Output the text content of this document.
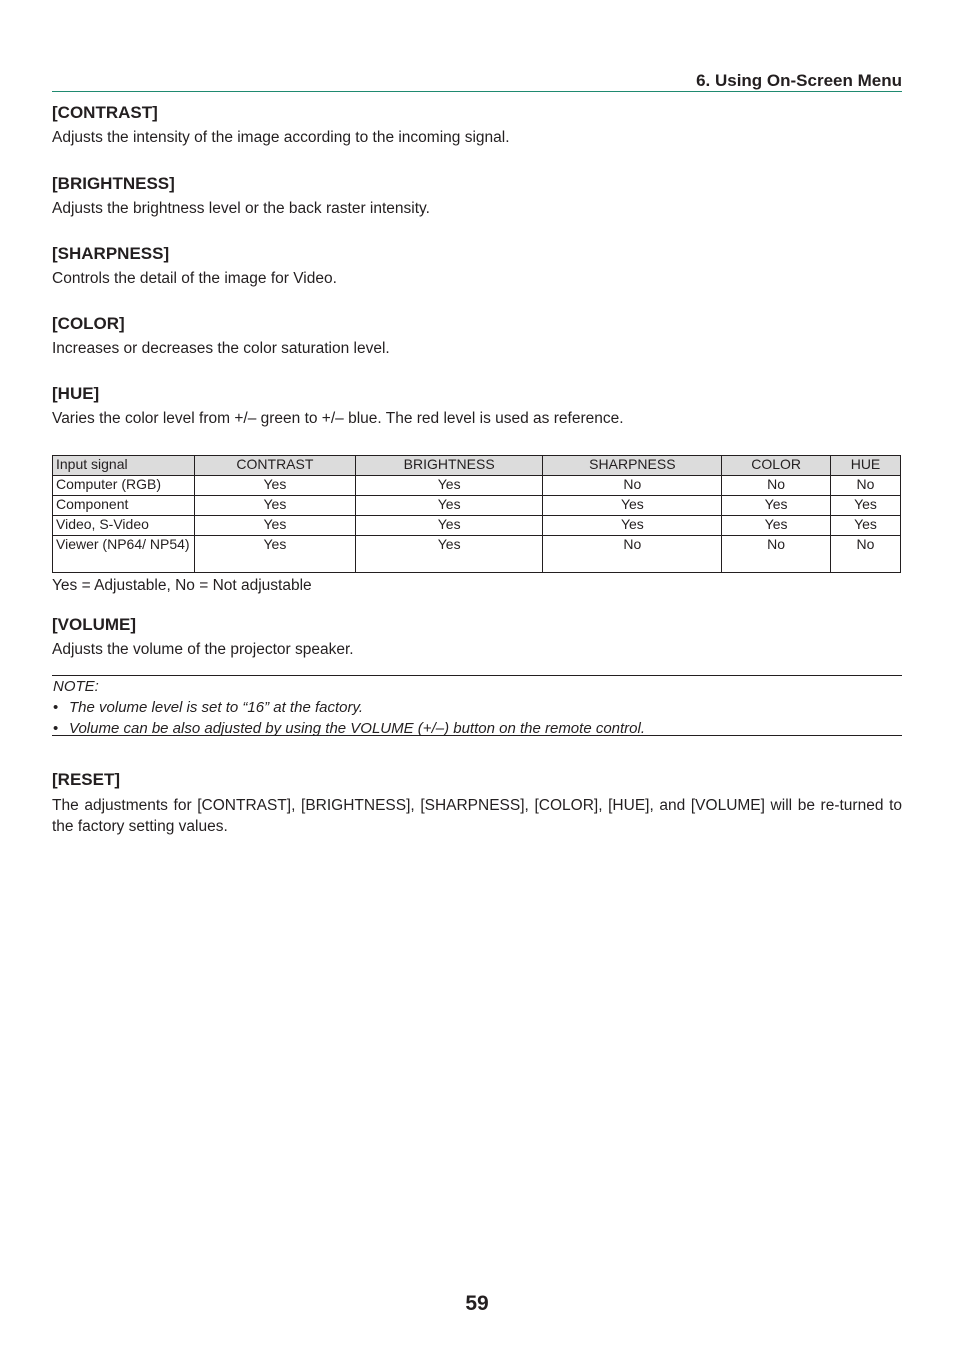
6. Using On-Screen Menu
[CONTRAST]

Adjusts the intensity of the image according to the incoming signal.

[BRIGHTNESS]

Adjusts the brightness level or the back raster intensity.

[SHARPNESS]

Controls the detail of the image for Video.

[COLOR]

Increases or decreases the color saturation level.

[HUE]

Varies the color level from +/– green to +/– blue. The red level is used as reference.

Input signal	CONTRAST	BRIGHTNESS	SHARPNESS	COLOR	HUE
Computer (RGB)	Yes	Yes	No	No	No
Component	Yes	Yes	Yes	Yes	Yes
Video, S-Video	Yes	Yes	Yes	Yes	Yes
Viewer (NP64/ NP54)	Yes	Yes	No	No	No

Yes = Adjustable, No = Not adjustable

[VOLUME]

Adjusts the volume of the projector speaker.

NOTE:
• The volume level is set to “16” at the factory.
• Volume can be also adjusted by using the VOLUME (+/–) button on the remote control.
[RESET]

The adjustments for [CONTRAST], [BRIGHTNESS], [SHARPNESS], [COLOR], [HUE], and [VOLUME] will be re-turned to the factory setting values.

59
